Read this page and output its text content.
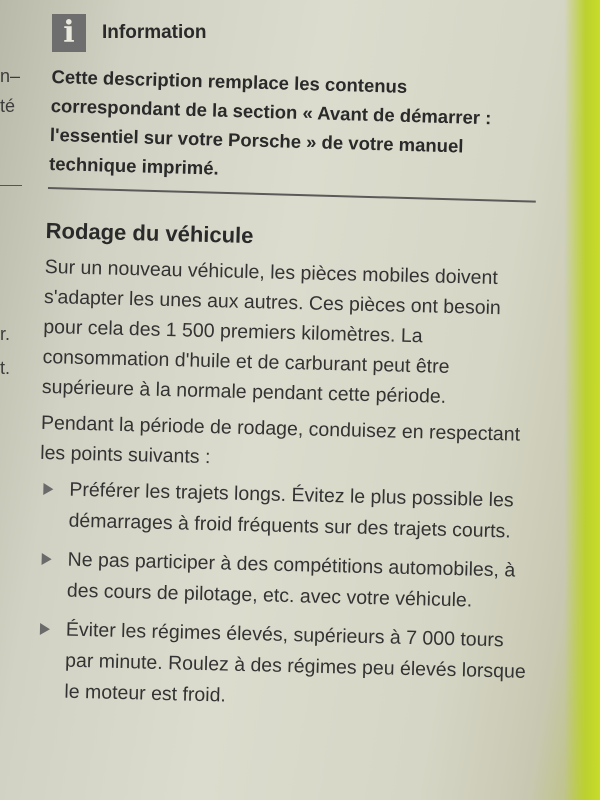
n–
té
r.
t.
i	Information
Cette description remplace les contenus correspondant de la section « Avant de démarrer : l'essentiel sur votre Porsche » de votre manuel technique imprimé.
Rodage du véhicule

Sur un nouveau véhicule, les pièces mobiles doivent s'adapter les unes aux autres. Ces pièces ont besoin pour cela des 1 500 premiers kilomètres. La consommation d'huile et de carburant peut être supérieure à la normale pendant cette période.

Pendant la période de rodage, conduisez en respectant les points suivants :

Préférer les trajets longs. Évitez le plus possible les démarrages à froid fréquents sur des trajets courts.
Ne pas participer à des compétitions automobiles, à des cours de pilotage, etc. avec votre véhicule.
Éviter les régimes élevés, supérieurs à 7 000 tours par minute. Roulez à des régimes peu élevés lorsque le moteur est froid.
